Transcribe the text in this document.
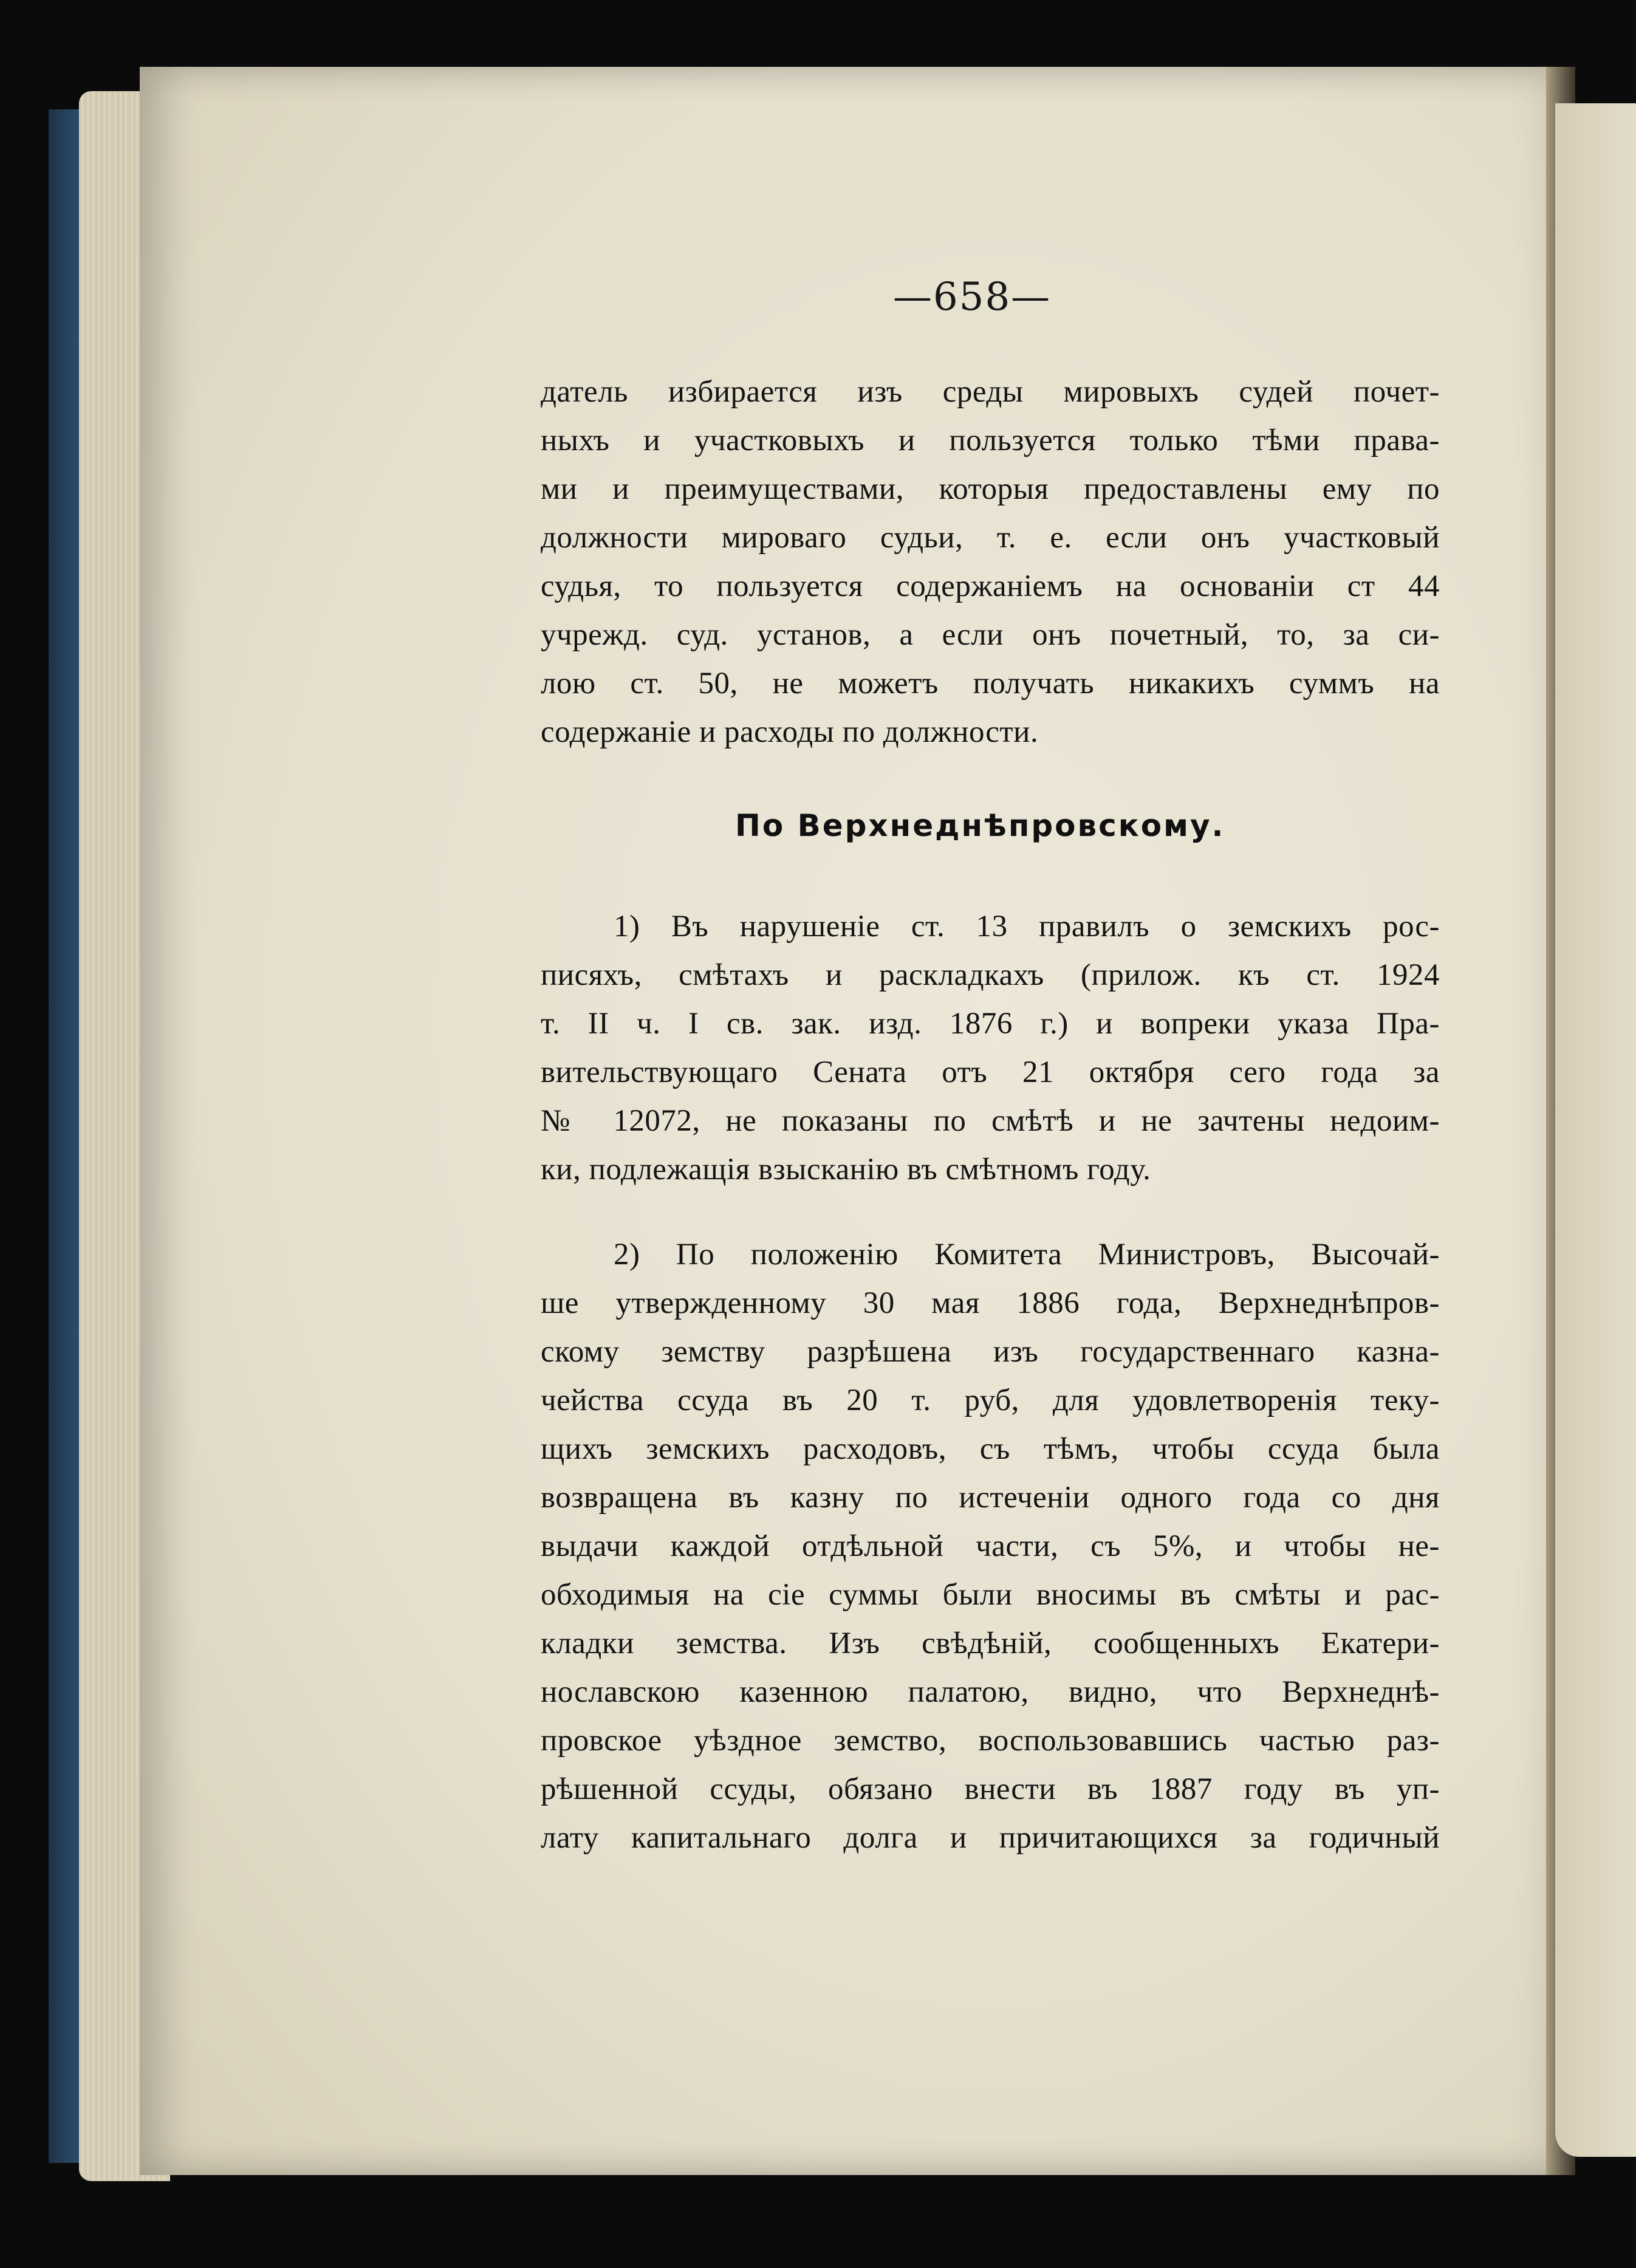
—658—
датель избирается изъ среды мировыхъ судей почет-
ныхъ и участковыхъ и пользуется только тѣми права-
ми и преимуществами, которыя предоставлены ему по
должности мироваго судьи, т. е. если онъ участковый
судья, то пользуется содержаніемъ на основаніи ст 44
учрежд. суд. установ, а если онъ почетный, то, за си-
лою ст. 50, не можетъ получать никакихъ суммъ на
содержаніе и расходы по должности.
По Верхнеднѣпровскому.
1) Въ нарушеніе ст. 13 правилъ о земскихъ рос-
писяхъ, смѣтахъ и раскладкахъ (прилож. къ ст. 1924
т. II ч. I св. зак. изд. 1876 г.) и вопреки указа Пра-
вительствующаго Сената отъ 21 октября сего года за
№ 12072, не показаны по смѣтѣ и не зачтены недоим-
ки, подлежащія взысканію въ смѣтномъ году.
2) По положенію Комитета Министровъ, Высочай-
ше утвержденному 30 мая 1886 года, Верхнеднѣпров-
скому земству разрѣшена изъ государственнаго казна-
чейства ссуда въ 20 т. руб, для удовлетворенія теку-
щихъ земскихъ расходовъ, съ тѣмъ, чтобы ссуда была
возвращена въ казну по истеченіи одного года со дня
выдачи каждой отдѣльной части, съ 5%, и чтобы не-
обходимыя на сіе суммы были вносимы въ смѣты и рас-
кладки земства. Изъ свѣдѣній, сообщенныхъ Екатери-
нославскою казенною палатою, видно, что Верхнеднѣ-
провское уѣздное земство, воспользовавшись частью раз-
рѣшенной ссуды, обязано внести въ 1887 году въ уп-
лату капитальнаго долга и причитающихся за годичный
